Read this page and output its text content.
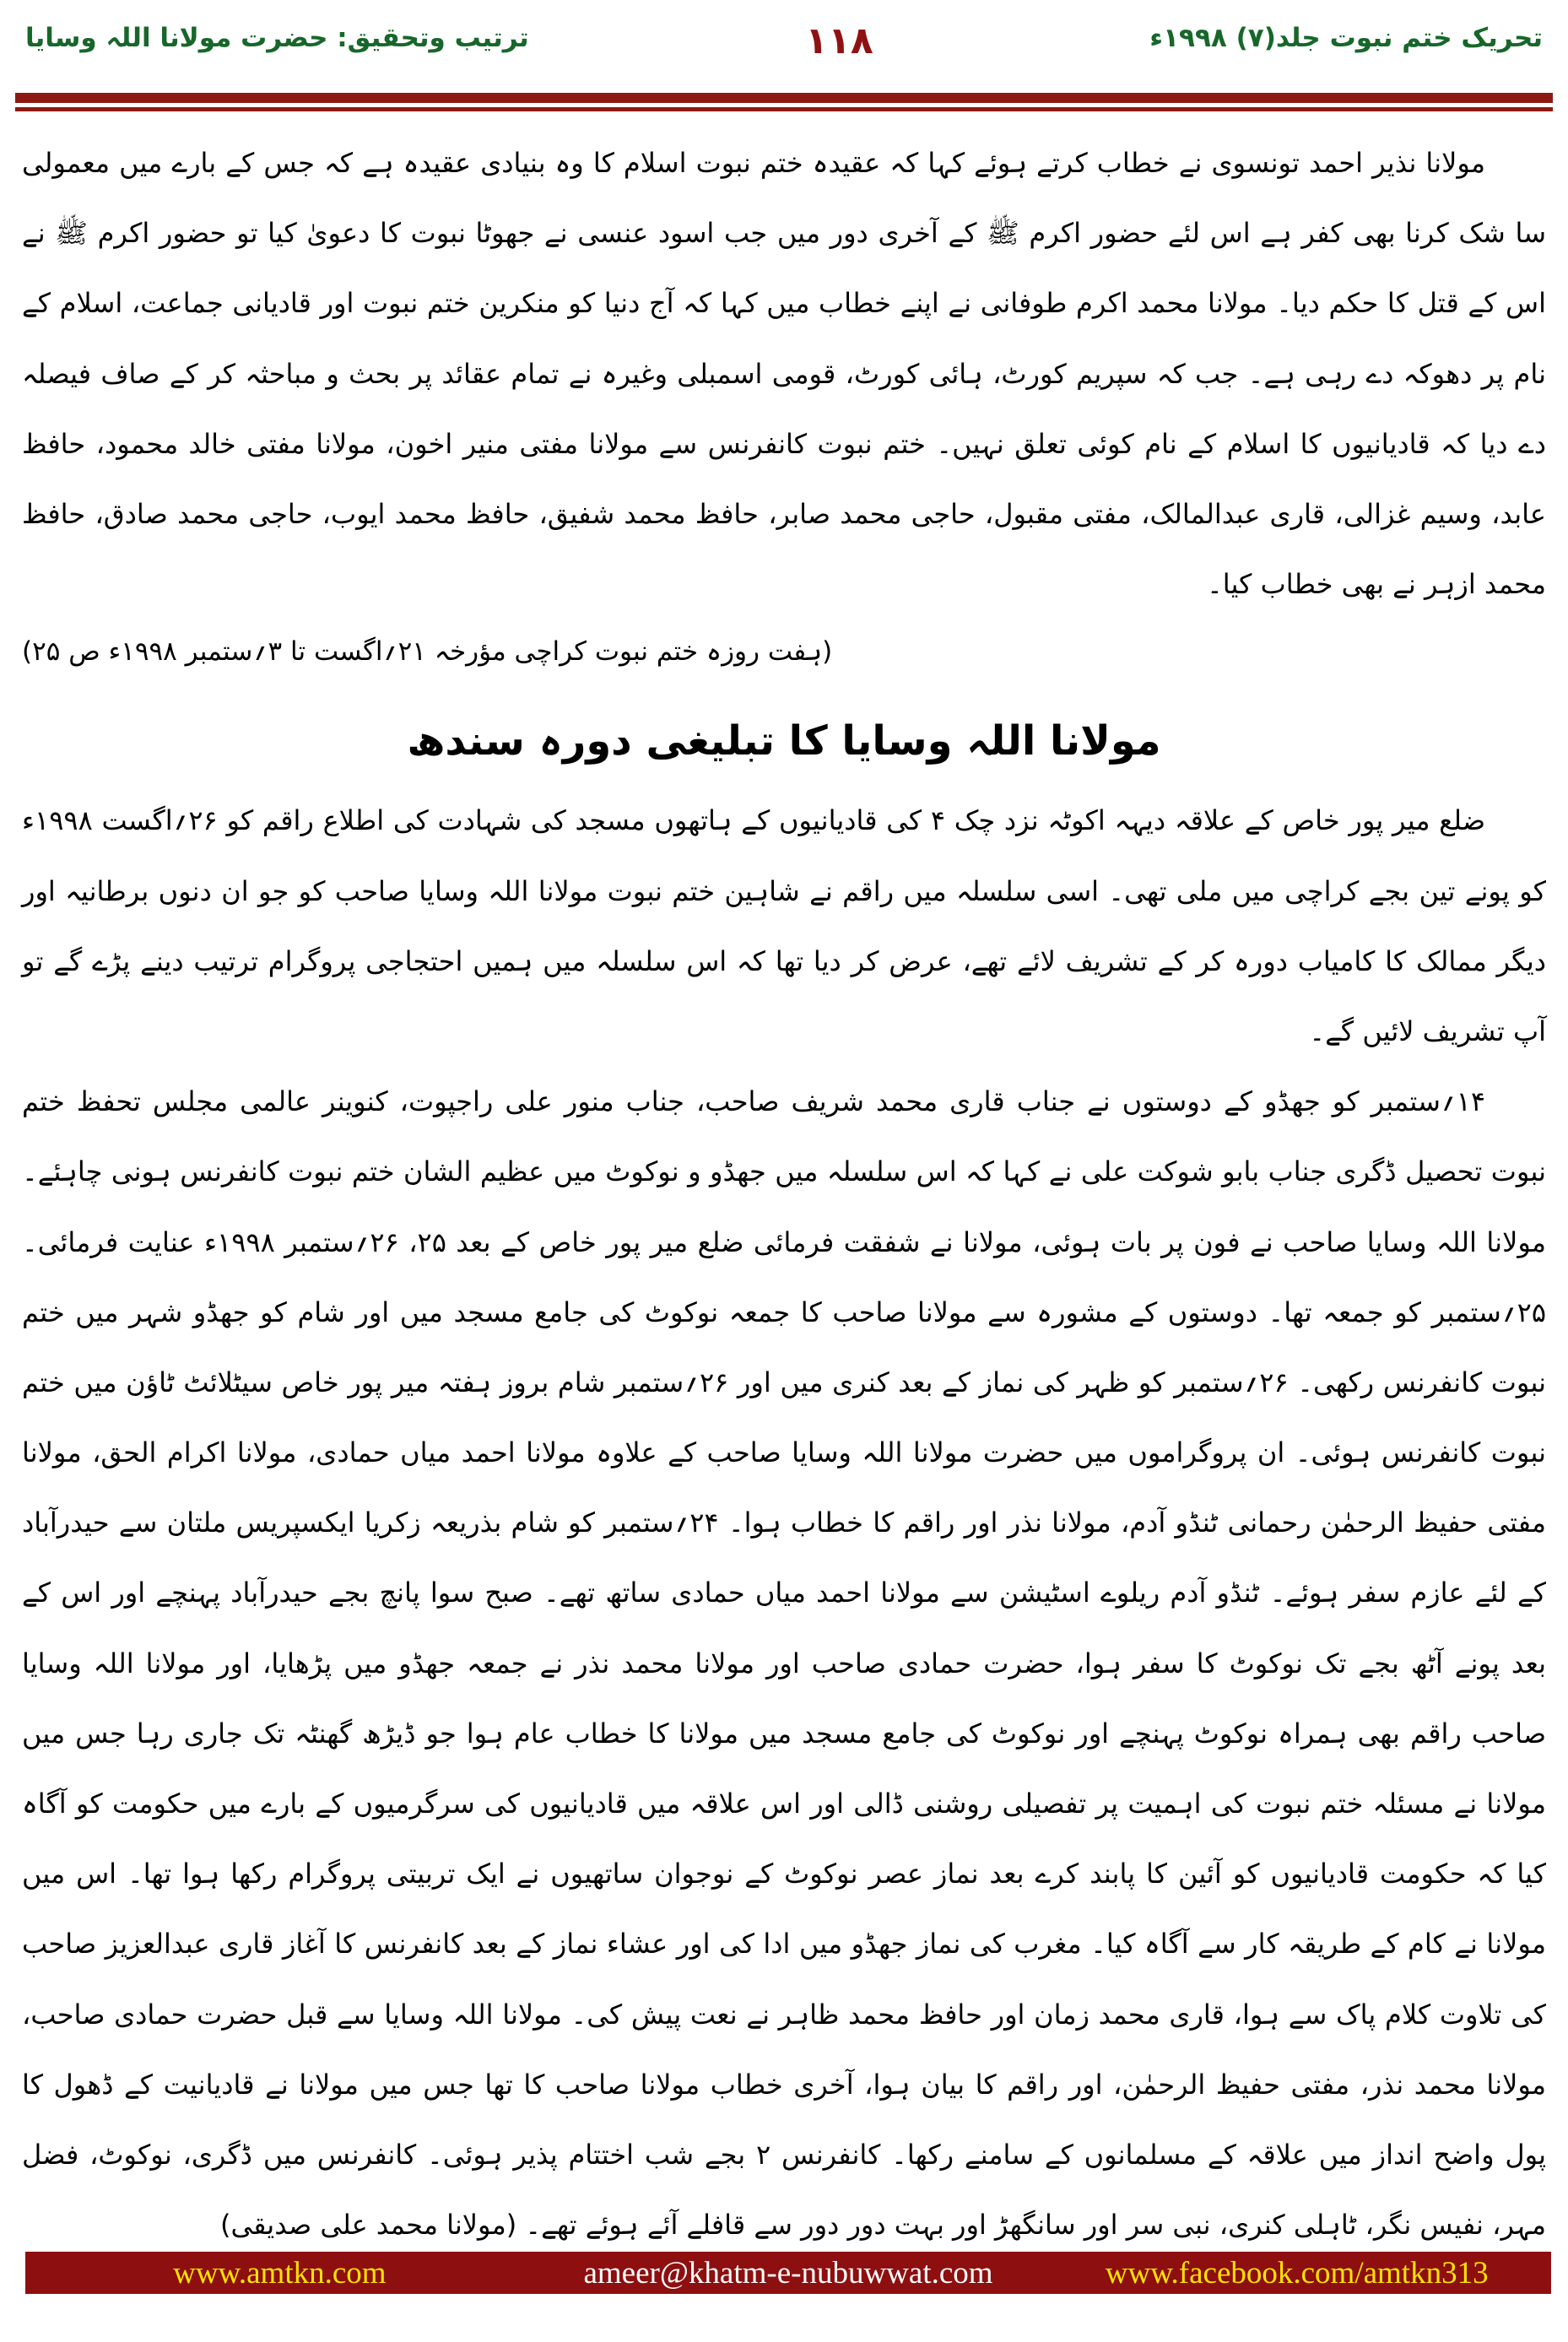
تحریک ختم نبوت جلد(۷) ۱۹۹۸ء
۱۱۸
ترتیب وتحقیق: حضرت مولانا اللہ وسایا

مولانا نذیر احمد تونسوی نے خطاب کرتے ہوئے کہا کہ عقیدہ ختم نبوت اسلام کا وہ بنیادی عقیدہ ہے کہ جس کے بارے میں معمولی سا شک کرنا بھی کفر ہے اس لئے حضور اکرم ﷺ کے آخری دور میں جب اسود عنسی نے جھوٹا نبوت کا دعویٰ کیا تو حضور اکرم ﷺ نے اس کے قتل کا حکم دیا۔ مولانا محمد اکرم طوفانی نے اپنے خطاب میں کہا کہ آج دنیا کو منکرین ختم نبوت اور قادیانی جماعت، اسلام کے نام پر دھوکہ دے رہی ہے۔ جب کہ سپریم کورٹ، ہائی کورٹ، قومی اسمبلی وغیرہ نے تمام عقائد پر بحث و مباحثہ کر کے صاف فیصلہ دے دیا کہ قادیانیوں کا اسلام کے نام کوئی تعلق نہیں۔ ختم نبوت کانفرنس سے مولانا مفتی منیر اخون، مولانا مفتی خالد محمود، حافظ عابد، وسیم غزالی، قاری عبدالمالک، مفتی مقبول، حاجی محمد صابر، حافظ محمد شفیق، حافظ محمد ایوب، حاجی محمد صادق، حافظ محمد ازہر نے بھی خطاب کیا۔

(ہفت روزہ ختم نبوت کراچی مؤرخہ ۲۱؍اگست تا ۳؍ستمبر ۱۹۹۸ء ص ۲۵)

مولانا اللہ وسایا کا تبلیغی دورہ سندھ

ضلع میر پور خاص کے علاقہ دیہہ اکوٹہ نزد چک ۴ کی قادیانیوں کے ہاتھوں مسجد کی شہادت کی اطلاع راقم کو ۲۶؍اگست ۱۹۹۸ء کو پونے تین بجے کراچی میں ملی تھی۔ اسی سلسلہ میں راقم نے شاہین ختم نبوت مولانا اللہ وسایا صاحب کو جو ان دنوں برطانیہ اور دیگر ممالک کا کامیاب دورہ کر کے تشریف لائے تھے، عرض کر دیا تھا کہ اس سلسلہ میں ہمیں احتجاجی پروگرام ترتیب دینے پڑے گے تو آپ تشریف لائیں گے۔

۱۴؍ستمبر کو جھڈو کے دوستوں نے جناب قاری محمد شریف صاحب، جناب منور علی راجپوت، کنوینر عالمی مجلس تحفظ ختم نبوت تحصیل ڈگری جناب بابو شوکت علی نے کہا کہ اس سلسلہ میں جھڈو و نوکوٹ میں عظیم الشان ختم نبوت کانفرنس ہونی چاہئے۔ مولانا اللہ وسایا صاحب نے فون پر بات ہوئی، مولانا نے شفقت فرمائی ضلع میر پور خاص کے بعد ۲۵، ۲۶؍ستمبر ۱۹۹۸ء عنایت فرمائی۔ ۲۵؍ستمبر کو جمعہ تھا۔ دوستوں کے مشورہ سے مولانا صاحب کا جمعہ نوکوٹ کی جامع مسجد میں اور شام کو جھڈو شہر میں ختم نبوت کانفرنس رکھی۔ ۲۶؍ستمبر کو ظہر کی نماز کے بعد کنری میں اور ۲۶؍ستمبر شام بروز ہفتہ میر پور خاص سیٹلائٹ ٹاؤن میں ختم نبوت کانفرنس ہوئی۔ ان پروگراموں میں حضرت مولانا اللہ وسایا صاحب کے علاوہ مولانا احمد میاں حمادی، مولانا اکرام الحق، مولانا مفتی حفیظ الرحمٰن رحمانی ٹنڈو آدم، مولانا نذر اور راقم کا خطاب ہوا۔ ۲۴؍ستمبر کو شام بذریعہ زکریا ایکسپریس ملتان سے حیدرآباد کے لئے عازم سفر ہوئے۔ ٹنڈو آدم ریلوے اسٹیشن سے مولانا احمد میاں حمادی ساتھ تھے۔ صبح سوا پانچ بجے حیدرآباد پہنچے اور اس کے بعد پونے آٹھ بجے تک نوکوٹ کا سفر ہوا، حضرت حمادی صاحب اور مولانا محمد نذر نے جمعہ جھڈو میں پڑھایا، اور مولانا اللہ وسایا صاحب راقم بھی ہمراہ نوکوٹ پہنچے اور نوکوٹ کی جامع مسجد میں مولانا کا خطاب عام ہوا جو ڈیڑھ گھنٹہ تک جاری رہا جس میں مولانا نے مسئلہ ختم نبوت کی اہمیت پر تفصیلی روشنی ڈالی اور اس علاقہ میں قادیانیوں کی سرگرمیوں کے بارے میں حکومت کو آگاہ کیا کہ حکومت قادیانیوں کو آئین کا پابند کرے بعد نماز عصر نوکوٹ کے نوجوان ساتھیوں نے ایک تربیتی پروگرام رکھا ہوا تھا۔ اس میں مولانا نے کام کے طریقہ کار سے آگاہ کیا۔ مغرب کی نماز جھڈو میں ادا کی اور عشاء نماز کے بعد کانفرنس کا آغاز قاری عبدالعزیز صاحب کی تلاوت کلام پاک سے ہوا، قاری محمد زمان اور حافظ محمد ظاہر نے نعت پیش کی۔ مولانا اللہ وسایا سے قبل حضرت حمادی صاحب، مولانا محمد نذر، مفتی حفیظ الرحمٰن، اور راقم کا بیان ہوا، آخری خطاب مولانا صاحب کا تھا جس میں مولانا نے قادیانیت کے ڈھول کا پول واضح انداز میں علاقہ کے مسلمانوں کے سامنے رکھا۔ کانفرنس ۲ بجے شب اختتام پذیر ہوئی۔ کانفرنس میں ڈگری، نوکوٹ، فضل مہر، نفیس نگر، ٹاہلی کنری، نبی سر اور سانگھڑ اور بہت دور دور سے قافلے آئے ہوئے تھے۔ (مولانا محمد علی صدیقی)

www.amtkn.com	ameer@khatm-e-nubuwwat.com	www.facebook.com/amtkn313
